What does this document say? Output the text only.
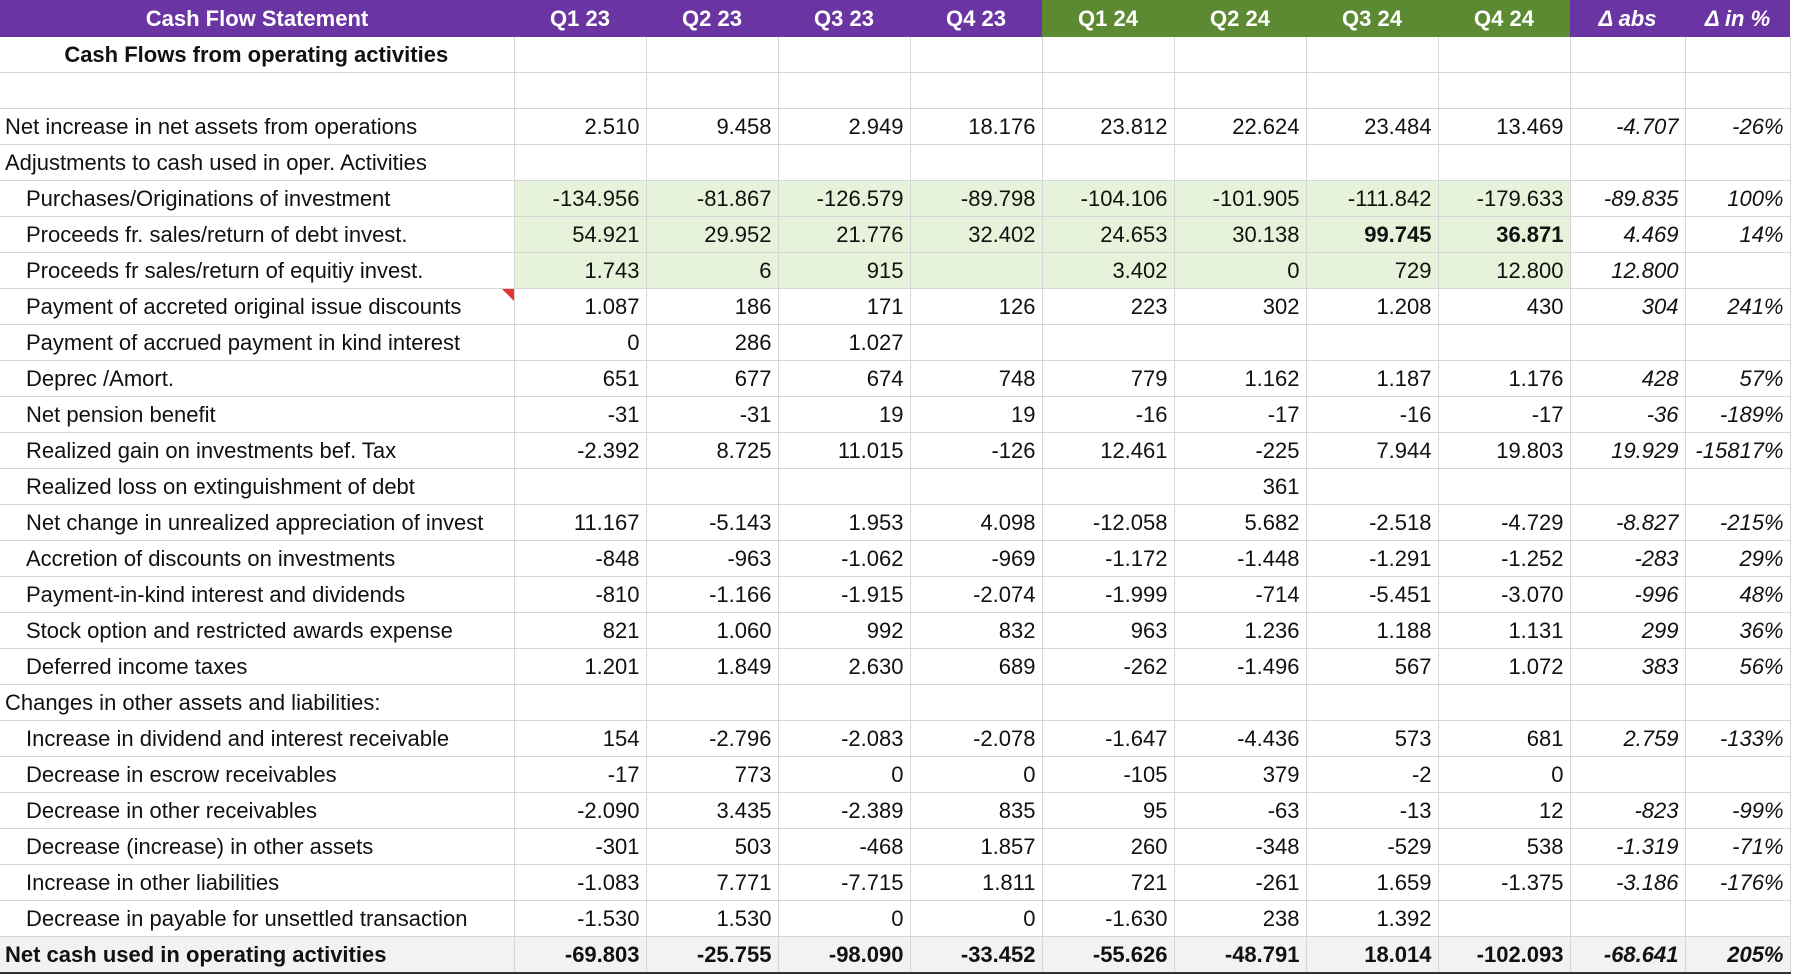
Cash Flow Statement	Q1 23	Q2 23	Q3 23	Q4 23	Q1 24	Q2 24	Q3 24	Q4 24	Δ abs	Δ in %
Cash Flows from operating activities										

Net increase in net assets from operations	2.510	9.458	2.949	18.176	23.812	22.624	23.484	13.469	-4.707	-26%
Adjustments to cash used in oper. Activities										
Purchases/Originations of investment	-134.956	-81.867	-126.579	-89.798	-104.106	-101.905	-111.842	-179.633	-89.835	100%
Proceeds fr. sales/return of debt invest.	54.921	29.952	21.776	32.402	24.653	30.138	99.745	36.871	4.469	14%
Proceeds fr sales/return of equitiy invest.	1.743	6	915		3.402	0	729	12.800	12.800	
Payment of accreted original issue discounts	1.087	186	171	126	223	302	1.208	430	304	241%
Payment of accrued payment in kind interest	0	286	1.027							
Deprec /Amort.	651	677	674	748	779	1.162	1.187	1.176	428	57%
Net pension benefit	-31	-31	19	19	-16	-17	-16	-17	-36	-189%
Realized gain on investments bef. Tax	-2.392	8.725	11.015	-126	12.461	-225	7.944	19.803	19.929	-15817%
Realized loss on extinguishment of debt						361				
Net change in unrealized appreciation of invest	11.167	-5.143	1.953	4.098	-12.058	5.682	-2.518	-4.729	-8.827	-215%
Accretion of discounts on investments	-848	-963	-1.062	-969	-1.172	-1.448	-1.291	-1.252	-283	29%
Payment-in-kind interest and dividends	-810	-1.166	-1.915	-2.074	-1.999	-714	-5.451	-3.070	-996	48%
Stock option and restricted awards expense	821	1.060	992	832	963	1.236	1.188	1.131	299	36%
Deferred income taxes	1.201	1.849	2.630	689	-262	-1.496	567	1.072	383	56%
Changes in other assets and liabilities:										
Increase in dividend and interest receivable	154	-2.796	-2.083	-2.078	-1.647	-4.436	573	681	2.759	-133%
Decrease in escrow receivables	-17	773	0	0	-105	379	-2	0		
Decrease in other receivables	-2.090	3.435	-2.389	835	95	-63	-13	12	-823	-99%
Decrease (increase) in other assets	-301	503	-468	1.857	260	-348	-529	538	-1.319	-71%
Increase in other liabilities	-1.083	7.771	-7.715	1.811	721	-261	1.659	-1.375	-3.186	-176%
Decrease in payable for unsettled transaction	-1.530	1.530	0	0	-1.630	238	1.392			
Net cash used in operating activities	-69.803	-25.755	-98.090	-33.452	-55.626	-48.791	18.014	-102.093	-68.641	205%
